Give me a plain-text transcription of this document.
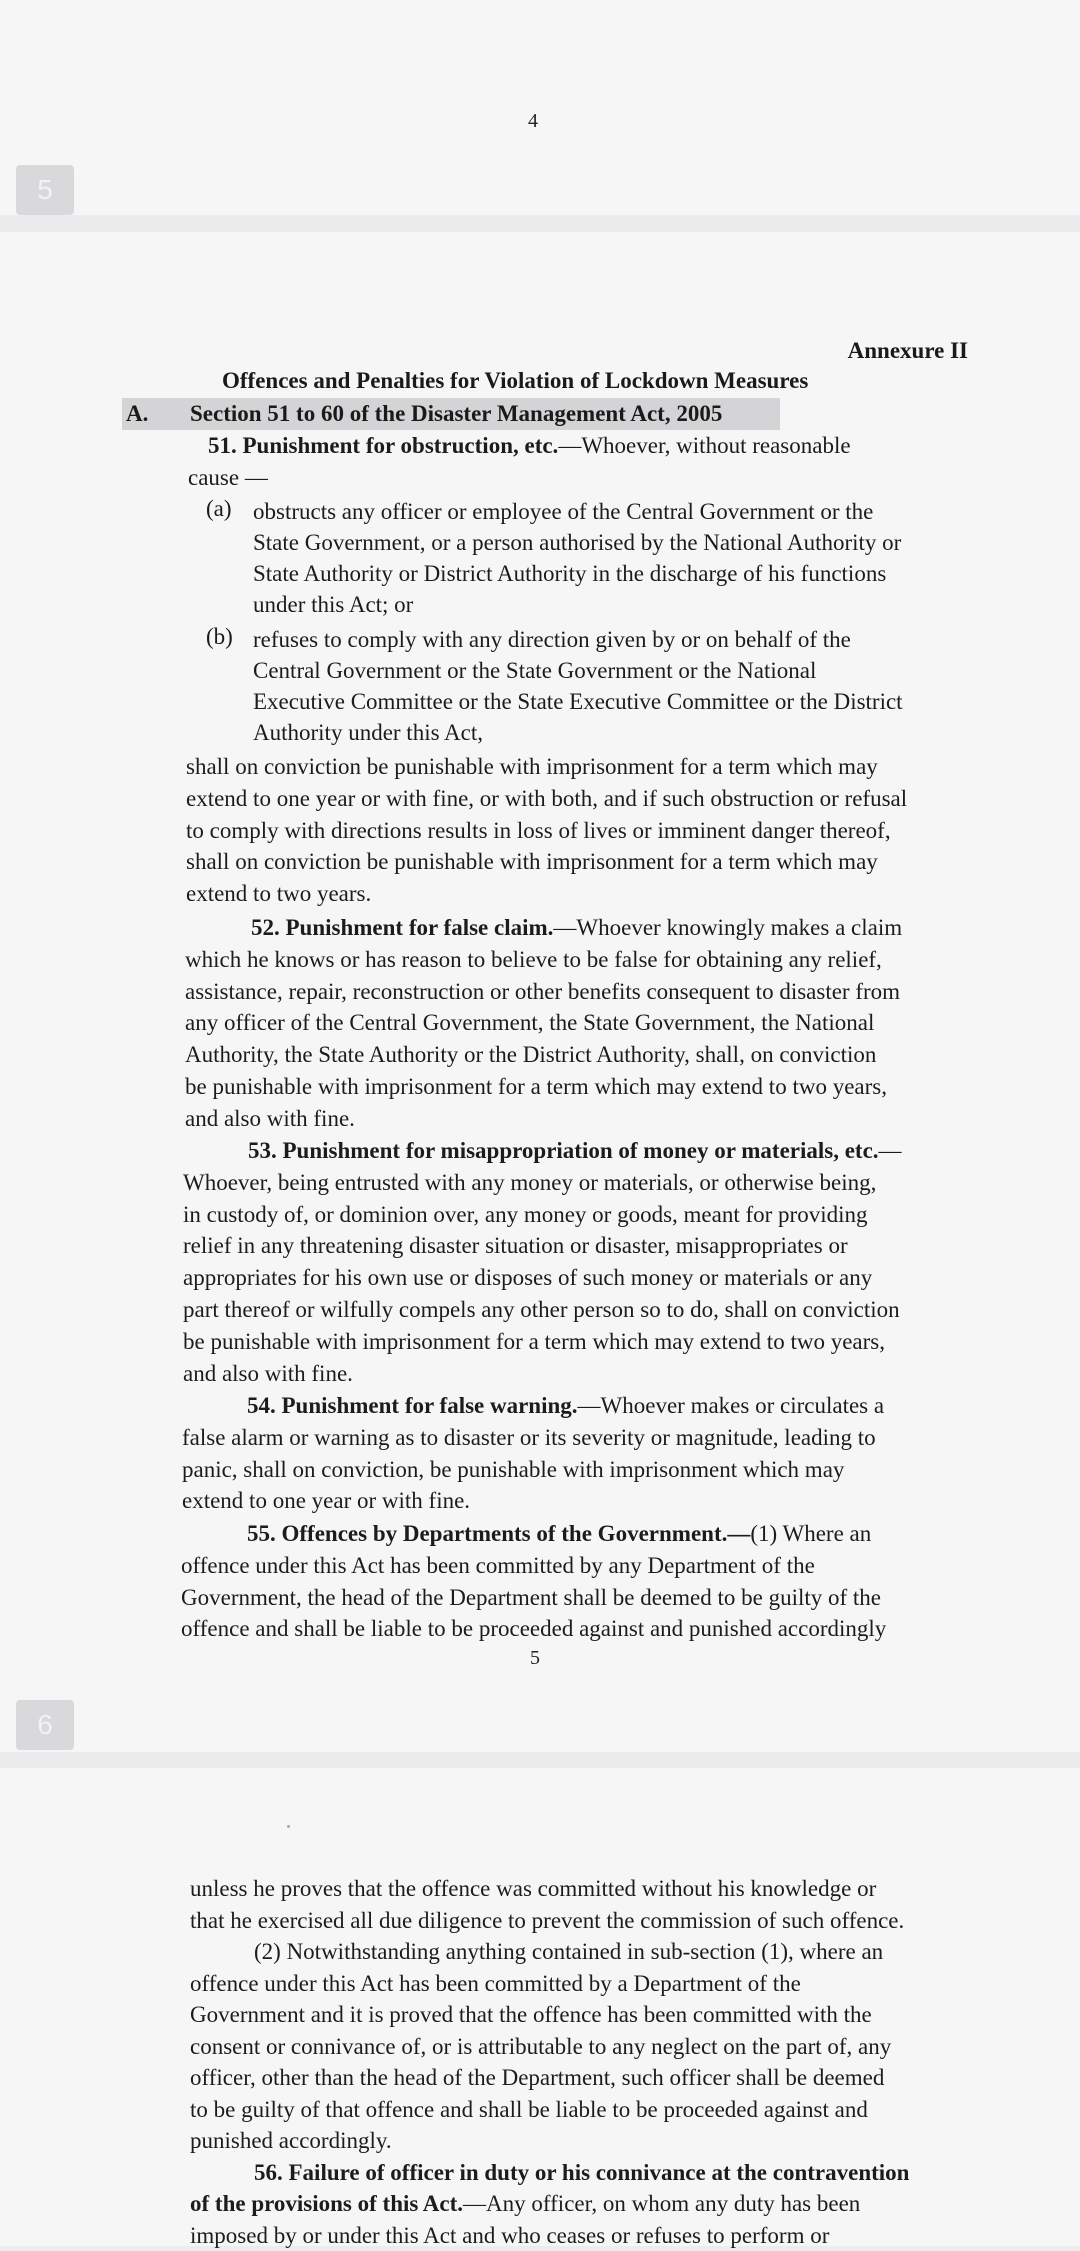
4
5
Annexure II
Offences and Penalties for Violation of Lockdown Measures
A. Section 51 to 60 of the Disaster Management Act, 2005
51. Punishment for obstruction, etc.—Whoever, without reasonable
cause —
(a) obstructs any officer or employee of the Central Government or the
State Government, or a person authorised by the National Authority or
State Authority or District Authority in the discharge of his functions
under this Act; or
(b) refuses to comply with any direction given by or on behalf of the
Central Government or the State Government or the National
Executive Committee or the State Executive Committee or the District
Authority under this Act,
shall on conviction be punishable with imprisonment for a term which may
extend to one year or with fine, or with both, and if such obstruction or refusal
to comply with directions results in loss of lives or imminent danger thereof,
shall on conviction be punishable with imprisonment for a term which may
extend to two years.
52. Punishment for false claim.—Whoever knowingly makes a claim
which he knows or has reason to believe to be false for obtaining any relief,
assistance, repair, reconstruction or other benefits consequent to disaster from
any officer of the Central Government, the State Government, the National
Authority, the State Authority or the District Authority, shall, on conviction
be punishable with imprisonment for a term which may extend to two years,
and also with fine.
53. Punishment for misappropriation of money or materials, etc.—
Whoever, being entrusted with any money or materials, or otherwise being,
in custody of, or dominion over, any money or goods, meant for providing
relief in any threatening disaster situation or disaster, misappropriates or
appropriates for his own use or disposes of such money or materials or any
part thereof or wilfully compels any other person so to do, shall on conviction
be punishable with imprisonment for a term which may extend to two years,
and also with fine.
54. Punishment for false warning.—Whoever makes or circulates a
false alarm or warning as to disaster or its severity or magnitude, leading to
panic, shall on conviction, be punishable with imprisonment which may
extend to one year or with fine.
55. Offences by Departments of the Government.—(1) Where an
offence under this Act has been committed by any Department of the
Government, the head of the Department shall be deemed to be guilty of the
offence and shall be liable to be proceeded against and punished accordingly
5
6
unless he proves that the offence was committed without his knowledge or
that he exercised all due diligence to prevent the commission of such offence.
(2) Notwithstanding anything contained in sub-section (1), where an
offence under this Act has been committed by a Department of the
Government and it is proved that the offence has been committed with the
consent or connivance of, or is attributable to any neglect on the part of, any
officer, other than the head of the Department, such officer shall be deemed
to be guilty of that offence and shall be liable to be proceeded against and
punished accordingly.
56. Failure of officer in duty or his connivance at the contravention
of the provisions of this Act.—Any officer, on whom any duty has been
imposed by or under this Act and who ceases or refuses to perform or
